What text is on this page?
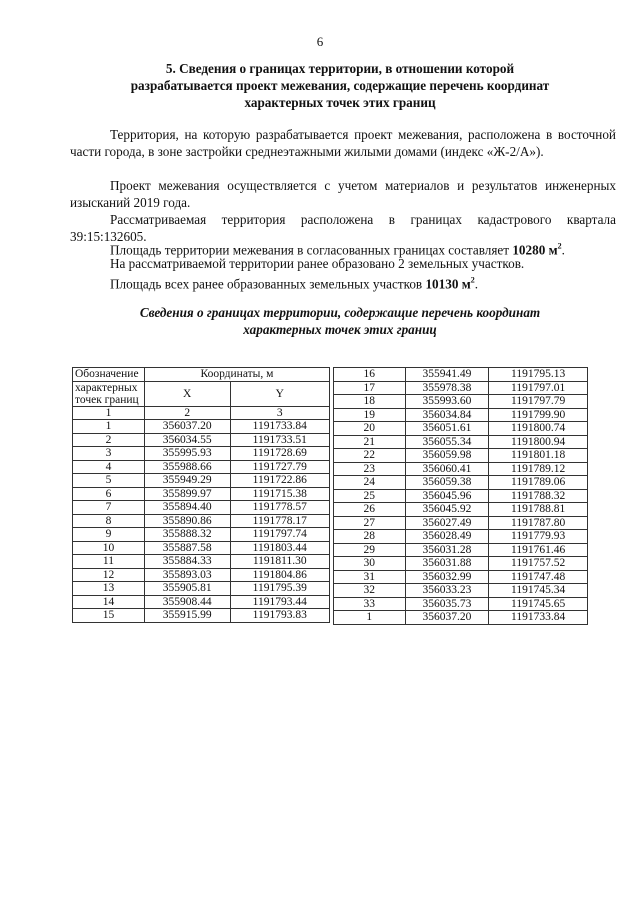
6
5. Сведения о границах территории, в отношении которой
разрабатывается проект межевания, содержащие перечень координат
характерных точек этих границ
Территория, на которую разрабатывается проект межевания, расположена в восточной части города, в зоне застройки среднеэтажными жилыми домами (индекс «Ж-2/А»).
Проект межевания осуществляется с учетом материалов и результатов инженерных изысканий 2019 года.
Рассматриваемая территория расположена в границах кадастрового квартала 39:15:132605.
Площадь территории межевания в согласованных границах составляет 10280 $м^2$.
На рассматриваемой территории ранее образовано 2 земельных участков.
Площадь всех ранее образованных земельных участков 10130 $м^2$.
Сведения о границах территории, содержащие перечень координат
характерных точек этих границ
Обозначение	Координаты, м	
характерных
точек границ	X	Y
1	2	3
1	356037.20	1191733.84
2	356034.55	1191733.51
3	355995.93	1191728.69
4	355988.66	1191727.79
5	355949.29	1191722.86
6	355899.97	1191715.38
7	355894.40	1191778.57
8	355890.86	1191778.17
9	355888.32	1191797.74
10	355887.58	1191803.44
11	355884.33	1191811.30
12	355893.03	1191804.86
13	355905.81	1191795.39
14	355908.44	1191793.44
15	355915.99	1191793.83
16	355941.49	1191795.13
17	355978.38	1191797.01
18	355993.60	1191797.79
19	356034.84	1191799.90
20	356051.61	1191800.74
21	356055.34	1191800.94
22	356059.98	1191801.18
23	356060.41	1191789.12
24	356059.38	1191789.06
25	356045.96	1191788.32
26	356045.92	1191788.81
27	356027.49	1191787.80
28	356028.49	1191779.93
29	356031.28	1191761.46
30	356031.88	1191757.52
31	356032.99	1191747.48
32	356033.23	1191745.34
33	356035.73	1191745.65
1	356037.20	1191733.84
